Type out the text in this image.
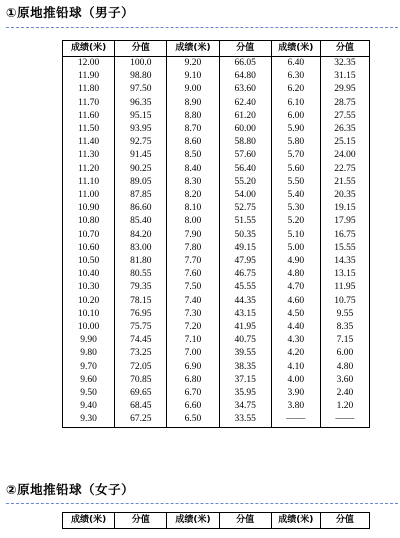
①原地推铅球（男子）
成绩(米)	分值	成绩(米)	分值	成绩(米)	分值
12.00	100.0	9.20	66.05	6.40	32.35
11.90	98.80	9.10	64.80	6.30	31.15
11.80	97.50	9.00	63.60	6.20	29.95
11.70	96.35	8.90	62.40	6.10	28.75
11.60	95.15	8.80	61.20	6.00	27.55
11.50	93.95	8.70	60.00	5.90	26.35
11.40	92.75	8.60	58.80	5.80	25.15
11.30	91.45	8.50	57.60	5.70	24.00
11.20	90.25	8.40	56.40	5.60	22.75
11.10	89.05	8.30	55.20	5.50	21.55
11.00	87.85	8.20	54.00	5.40	20.35
10.90	86.60	8.10	52.75	5.30	19.15
10.80	85.40	8.00	51.55	5.20	17.95
10.70	84.20	7.90	50.35	5.10	16.75
10.60	83.00	7.80	49.15	5.00	15.55
10.50	81.80	7.70	47.95	4.90	14.35
10.40	80.55	7.60	46.75	4.80	13.15
10.30	79.35	7.50	45.55	4.70	11.95
10.20	78.15	7.40	44.35	4.60	10.75
10.10	76.95	7.30	43.15	4.50	9.55
10.00	75.75	7.20	41.95	4.40	8.35
9.90	74.45	7.10	40.75	4.30	7.15
9.80	73.25	7.00	39.55	4.20	6.00
9.70	72.05	6.90	38.35	4.10	4.80
9.60	70.85	6.80	37.15	4.00	3.60
9.50	69.65	6.70	35.95	3.90	2.40
9.40	68.45	6.60	34.75	3.80	1.20
9.30	67.25	6.50	33.55	——	——
②原地推铅球（女子）
成绩(米)	分值	成绩(米)	分值	成绩(米)	分值
